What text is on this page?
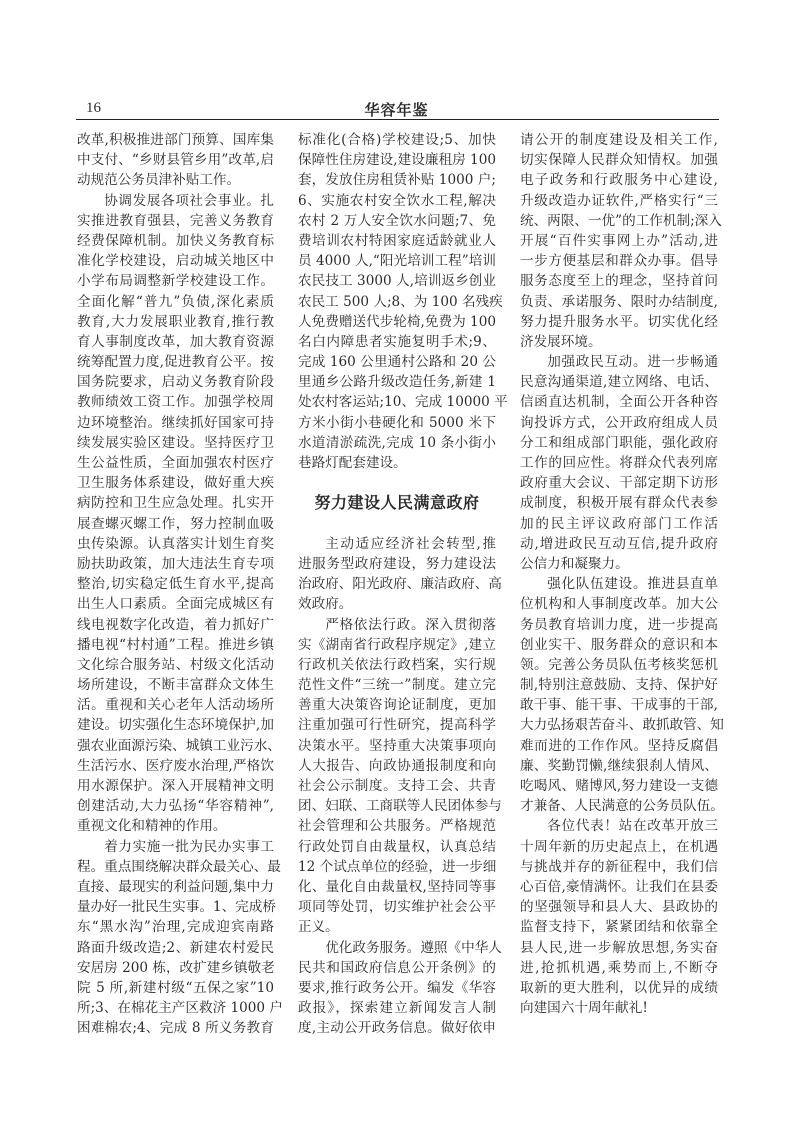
16	华容年鉴
改革,积极推进部门预算、国库集
中支付、“乡财县管乡用”改革,启
动规范公务员津补贴工作。
协调发展各项社会事业。扎
实推进教育强县，完善义务教育
经费保障机制。加快义务教育标
准化学校建设，启动城关地区中
小学布局调整新学校建设工作。
全面化解“普九”负债,深化素质
教育,大力发展职业教育,推行教
育人事制度改革，加大教育资源
统筹配置力度,促进教育公平。按
国务院要求，启动义务教育阶段
教师绩效工资工作。加强学校周
边环境整治。继续抓好国家可持
续发展实验区建设。坚持医疗卫
生公益性质，全面加强农村医疗
卫生服务体系建设，做好重大疾
病防控和卫生应急处理。扎实开
展查螺灭螺工作，努力控制血吸
虫传染源。认真落实计划生育奖
励扶助政策，加大违法生育专项
整治,切实稳定低生育水平,提高
出生人口素质。全面完成城区有
线电视数字化改造，着力抓好广
播电视“村村通”工程。推进乡镇
文化综合服务站、村级文化活动
场所建设，不断丰富群众文体生
活。重视和关心老年人活动场所
建设。切实强化生态环境保护,加
强农业面源污染、城镇工业污水、
生活污水、医疗废水治理,严格饮
用水源保护。深入开展精神文明
创建活动,大力弘扬“华容精神”,
重视文化和精神的作用。
着力实施一批为民办实事工
程。重点围绕解决群众最关心、最
直接、最现实的利益问题,集中力
量办好一批民生实事。1、完成桥
东“黑水沟”治理,完成迎宾南路
路面升级改造;2、新建农村爱民
安居房 200 栋，改扩建乡镇敬老
院 5 所,新建村级“五保之家”10
所;3、在棉花主产区救济 1000 户
困难棉农;4、完成 8 所义务教育
标准化(合格)学校建设;5、加快
保障性住房建设,建设廉租房 100
套，发放住房租赁补贴 1000 户;
6、实施农村安全饮水工程,解决
农村 2 万人安全饮水问题;7、免
费培训农村特困家庭适龄就业人
员 4000 人,“阳光培训工程”培训
农民技工 3000 人,培训返乡创业
农民工 500 人;8、为 100 名残疾
人免费赠送代步轮椅,免费为 100
名白内障患者实施复明手术;9、
完成 160 公里通村公路和 20 公
里通乡公路升级改造任务,新建 1
处农村客运站;10、完成 10000 平
方米小街小巷硬化和 5000 米下
水道清淤疏洗,完成 10 条小街小
巷路灯配套建设。
努力建设人民满意政府
主动适应经济社会转型,推
进服务型政府建设，努力建设法
治政府、阳光政府、廉洁政府、高
效政府。
严格依法行政。深入贯彻落
实《湖南省行政程序规定》,建立
行政机关依法行政档案，实行规
范性文件“三统一”制度。建立完
善重大决策咨询论证制度，更加
注重加强可行性研究，提高科学
决策水平。坚持重大决策事项向
人大报告、向政协通报制度和向
社会公示制度。支持工会、共青
团、妇联、工商联等人民团体参与
社会管理和公共服务。严格规范
行政处罚自由裁量权，认真总结
12 个试点单位的经验，进一步细
化、量化自由裁量权,坚持同等事
项同等处罚，切实维护社会公平
正义。
优化政务服务。遵照《中华人
民共和国政府信息公开条例》的
要求,推行政务公开。编发《华容
政报》，探索建立新闻发言人制
度,主动公开政务信息。做好依申
请公开的制度建设及相关工作,
切实保障人民群众知情权。加强
电子政务和行政服务中心建设,
升级改造办证软件,严格实行“三
统、两限、一优”的工作机制;深入
开展“百件实事网上办”活动,进
一步方便基层和群众办事。倡导
服务态度至上的理念，坚持首问
负责、承诺服务、限时办结制度,
努力提升服务水平。切实优化经
济发展环境。
加强政民互动。进一步畅通
民意沟通渠道,建立网络、电话、
信函直达机制，全面公开各种咨
询投诉方式，公开政府组成人员
分工和组成部门职能，强化政府
工作的回应性。将群众代表列席
政府重大会议、干部定期下访形
成制度，积极开展有群众代表参
加的民主评议政府部门工作活
动,增进政民互动互信,提升政府
公信力和凝聚力。
强化队伍建设。推进县直单
位机构和人事制度改革。加大公
务员教育培训力度，进一步提高
创业实干、服务群众的意识和本
领。完善公务员队伍考核奖惩机
制,特别注意鼓励、支持、保护好
敢干事、能干事、干成事的干部,
大力弘扬艰苦奋斗、敢抓敢管、知
难而进的工作作风。坚持反腐倡
廉、奖勤罚懒,继续狠刹人情风、
吃喝风、赌博风,努力建设一支德
才兼备、人民满意的公务员队伍。
各位代表！站在改革开放三
十周年新的历史起点上，在机遇
与挑战并存的新征程中，我们信
心百倍,豪情满怀。让我们在县委
的坚强领导和县人大、县政协的
监督支持下，紧紧团结和依靠全
县人民,进一步解放思想,务实奋
进,抢抓机遇,乘势而上,不断夺
取新的更大胜利，以优异的成绩
向建国六十周年献礼!
